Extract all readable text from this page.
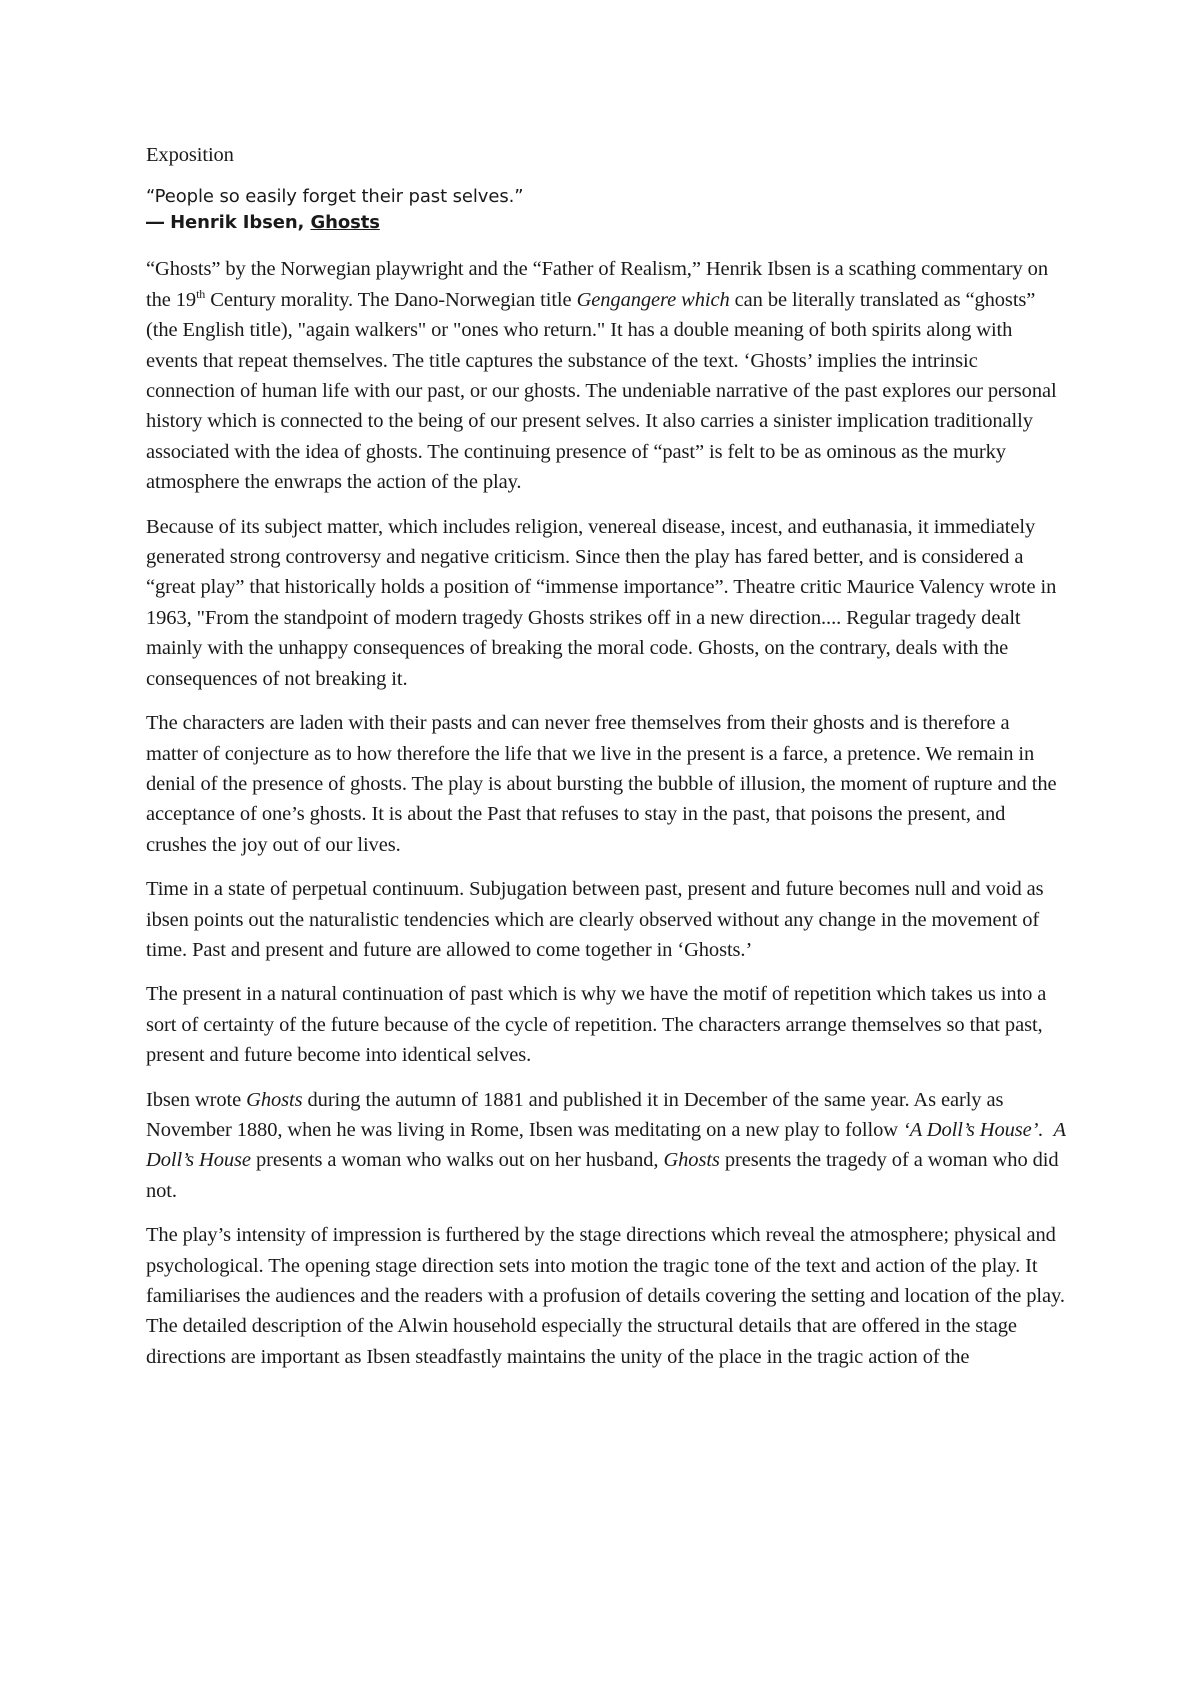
Exposition
“People so easily forget their past selves.”
― Henrik Ibsen, Ghosts

“Ghosts” by the Norwegian playwright and the “Father of Realism,” Henrik Ibsen is a scathing commentary on the 19th Century morality. The Dano-Norwegian title Gengangere which can be literally translated as “ghosts” (the English title), "again walkers" or "ones who return." It has a double meaning of both spirits along with events that repeat themselves. The title captures the substance of the text. ‘Ghosts’ implies the intrinsic connection of human life with our past, or our ghosts. The undeniable narrative of the past explores our personal history which is connected to the being of our present selves. It also carries a sinister implication traditionally associated with the idea of ghosts. The continuing presence of “past” is felt to be as ominous as the murky atmosphere the enwraps the action of the play.

Because of its subject matter, which includes religion, venereal disease, incest, and euthanasia, it immediately generated strong controversy and negative criticism. Since then the play has fared better, and is considered a “great play” that historically holds a position of “immense importance”. Theatre critic Maurice Valency wrote in 1963, "From the standpoint of modern tragedy Ghosts strikes off in a new direction.... Regular tragedy dealt mainly with the unhappy consequences of breaking the moral code. Ghosts, on the contrary, deals with the consequences of not breaking it.

The characters are laden with their pasts and can never free themselves from their ghosts and is therefore a matter of conjecture as to how therefore the life that we live in the present is a farce, a pretence. We remain in denial of the presence of ghosts. The play is about bursting the bubble of illusion, the moment of rupture and the acceptance of one’s ghosts. It is about the Past that refuses to stay in the past, that poisons the present, and crushes the joy out of our lives.

Time in a state of perpetual continuum. Subjugation between past, present and future becomes null and void as ibsen points out the naturalistic tendencies which are clearly observed without any change in the movement of time. Past and present and future are allowed to come together in ‘Ghosts.’

The present in a natural continuation of past which is why we have the motif of repetition which takes us into a sort of certainty of the future because of the cycle of repetition. The characters arrange themselves so that past, present and future become into identical selves.

Ibsen wrote Ghosts during the autumn of 1881 and published it in December of the same year. As early as November 1880, when he was living in Rome, Ibsen was meditating on a new play to follow ‘A Doll’s House’. A Doll’s House presents a woman who walks out on her husband, Ghosts presents the tragedy of a woman who did not.

The play’s intensity of impression is furthered by the stage directions which reveal the atmosphere; physical and psychological. The opening stage direction sets into motion the tragic tone of the text and action of the play. It familiarises the audiences and the readers with a profusion of details covering the setting and location of the play. The detailed description of the Alwin household especially the structural details that are offered in the stage directions are important as Ibsen steadfastly maintains the unity of the place in the tragic action of the
